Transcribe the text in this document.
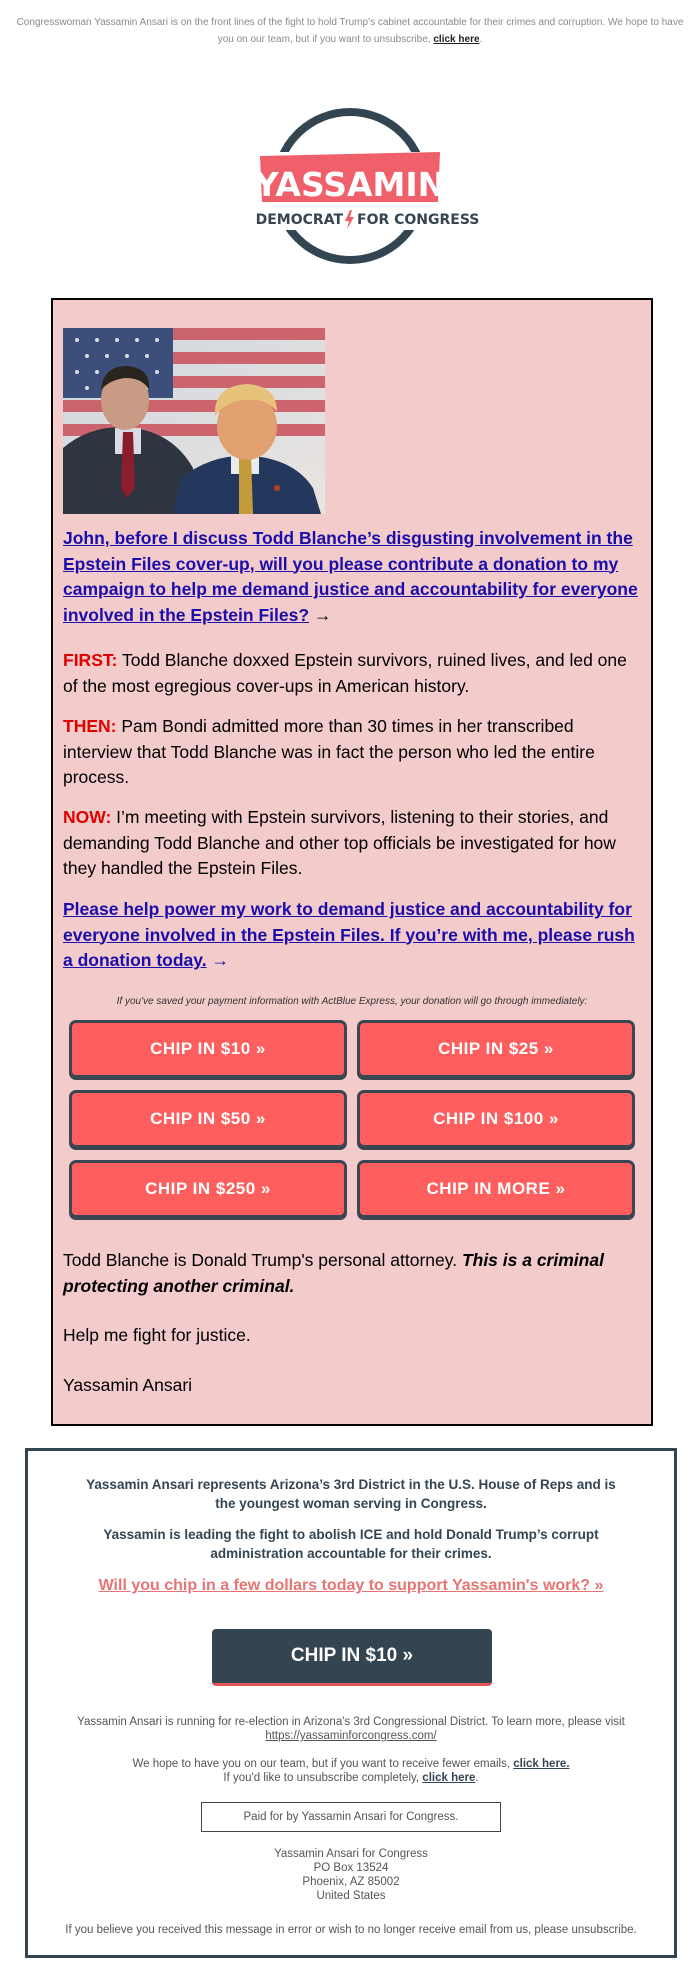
Congresswoman Yassamin Ansari is on the front lines of the fight to hold Trump’s cabinet accountable for their crimes and corruption. We hope to have you on our team, but if you want to unsubscribe, click here.
YASSAMIN
DEMOCRAT FOR CONGRESS
John, before I discuss Todd Blanche’s disgusting involvement in the Epstein Files cover-up, will you please contribute a donation to my campaign to help me demand justice and accountability for everyone involved in the Epstein Files? →
FIRST: Todd Blanche doxxed Epstein survivors, ruined lives, and led one of the most egregious cover-ups in American history.
THEN: Pam Bondi admitted more than 30 times in her transcribed interview that Todd Blanche was in fact the person who led the entire process.
NOW: I’m meeting with Epstein survivors, listening to their stories, and demanding Todd Blanche and other top officials be investigated for how they handled the Epstein Files.
Please help power my work to demand justice and accountability for everyone involved in the Epstein Files. If you’re with me, please rush a donation today. →
If you've saved your payment information with ActBlue Express, your donation will go through immediately:
CHIP IN $10 »	CHIP IN $25 »
CHIP IN $50 »	CHIP IN $100 »
CHIP IN $250 »	CHIP IN MORE »
Todd Blanche is Donald Trump's personal attorney. This is a criminal protecting another criminal.
Help me fight for justice.
Yassamin Ansari
Yassamin Ansari represents Arizona’s 3rd District in the U.S. House of Reps and is the youngest woman serving in Congress.
Yassamin is leading the fight to abolish ICE and hold Donald Trump’s corrupt administration accountable for their crimes.
Will you chip in a few dollars today to support Yassamin's work? »
CHIP IN $10 »
Yassamin Ansari is running for re-election in Arizona's 3rd Congressional District. To learn more, please visit
https://yassaminforcongress.com/
We hope to have you on our team, but if you want to receive fewer emails, click here.
If you'd like to unsubscribe completely, click here.
Paid for by Yassamin Ansari for Congress.
Yassamin Ansari for Congress
PO Box 13524
Phoenix, AZ 85002
United States
If you believe you received this message in error or wish to no longer receive email from us, please unsubscribe.
